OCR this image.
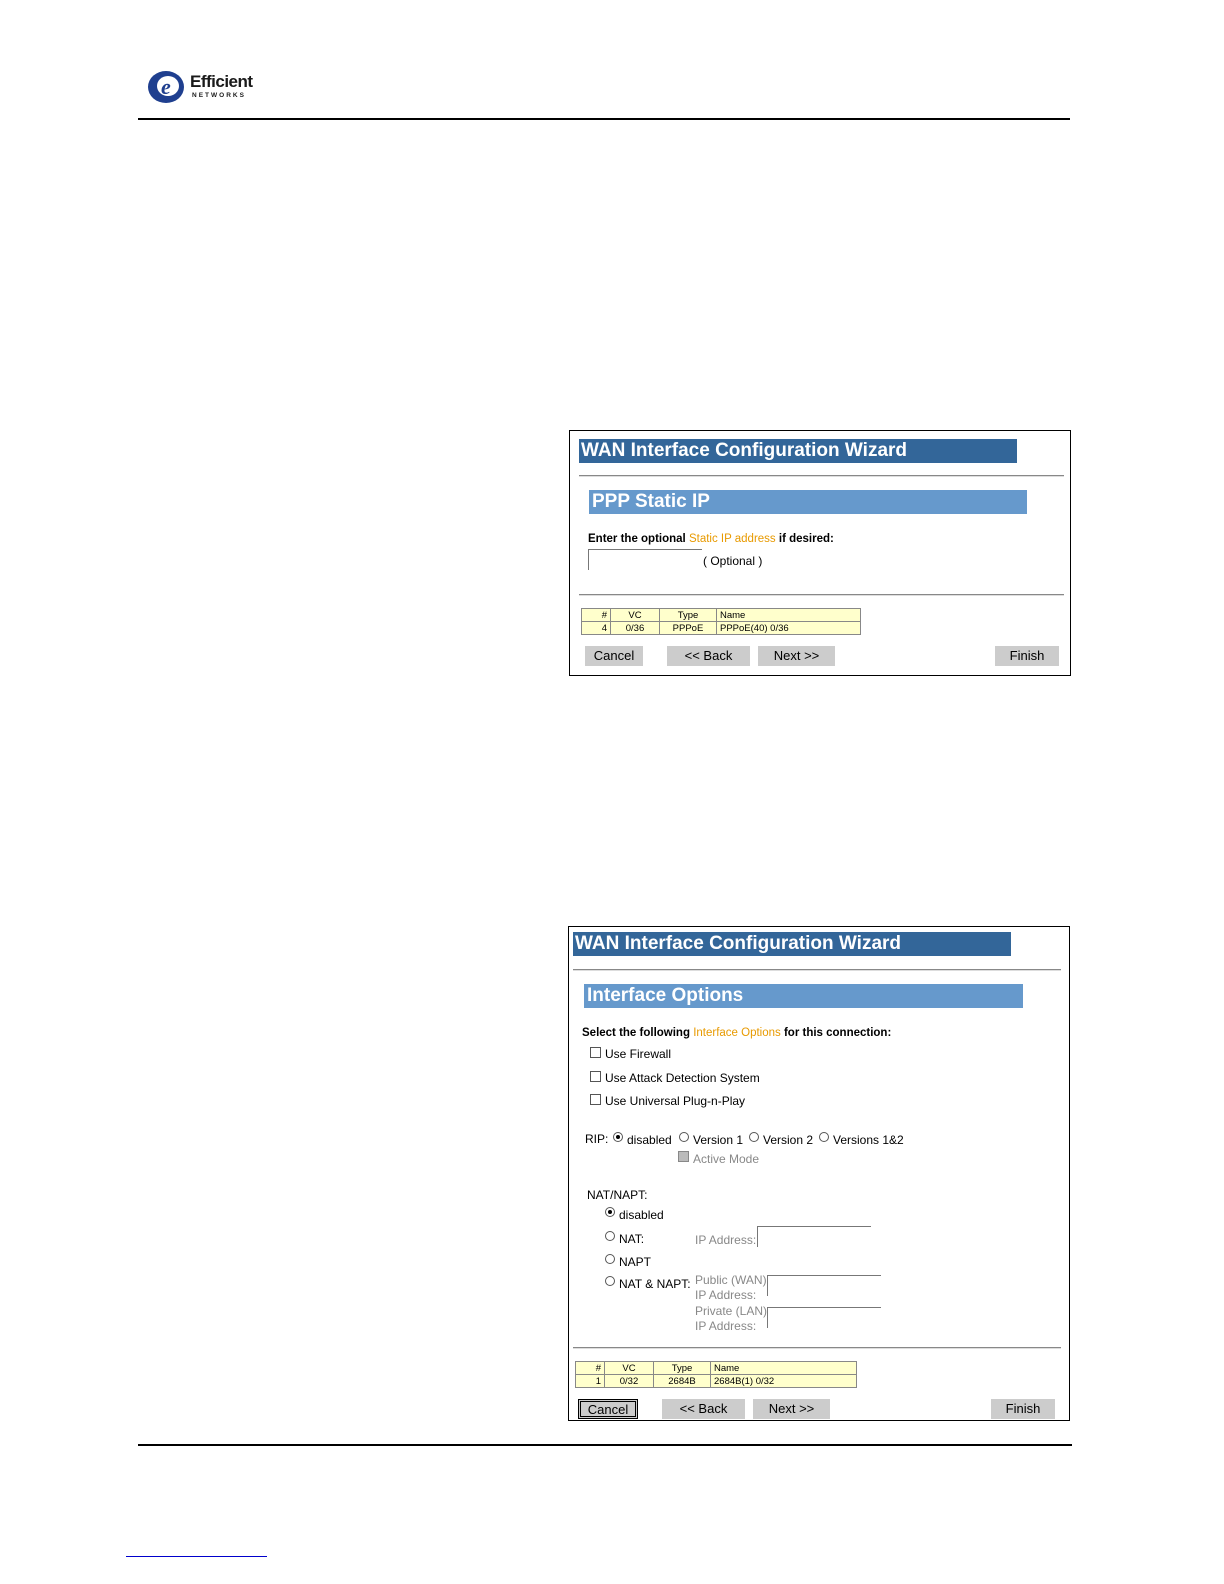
e Efficient
NETWORKS
WAN Interface Configuration Wizard
PPP Static IP
Enter the optional Static IP address if desired:
( Optional )
#	VC	Type	Name
4	0/36	PPPoE	PPPoE(40) 0/36
Cancel	<< Back	Next >>	Finish
WAN Interface Configuration Wizard
Interface Options
Select the following Interface Options for this connection:
Use Firewall
Use Attack Detection System
Use Universal Plug-n-Play
RIP: disabled Version 1 Version 2 Versions 1&2
Active Mode
NAT/NAPT:
disabled
NAT:	IP Address:
NAPT
NAT & NAPT: Public (WAN)
IP Address:
Private (LAN)
IP Address:
#	VC	Type	Name
1	0/32	2684B	2684B(1) 0/32
Cancel	<< Back	Next >>	Finish
